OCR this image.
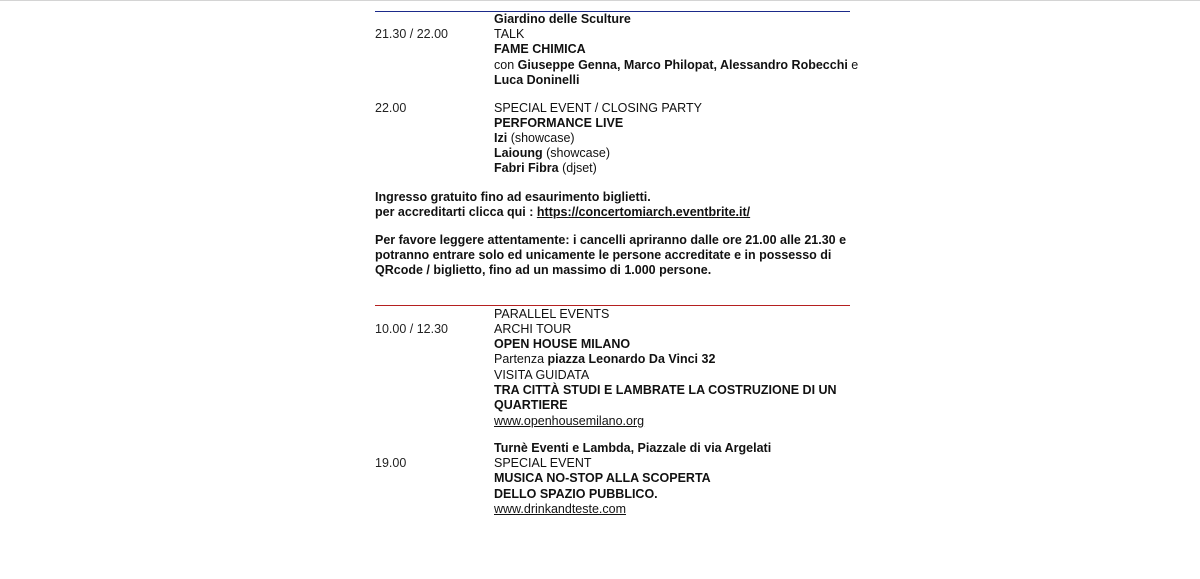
Giardino delle Sculture
21.30 / 22.00	TALK
FAME CHIMICA
con Giuseppe Genna, Marco Philopat, Alessandro Robecchi e
Luca Doninelli
22.00	SPECIAL EVENT / CLOSING PARTY
PERFORMANCE LIVE
Izi (showcase)
Laioung (showcase)
Fabri Fibra (djset)
Ingresso gratuito fino ad esaurimento biglietti.
per accreditarti clicca qui : https://concertomiarch.eventbrite.it/
Per favore leggere attentamente: i cancelli apriranno dalle ore 21.00 alle 21.30 e
potranno entrare solo ed unicamente le persone accreditate e in possesso di
QRcode / biglietto, fino ad un massimo di 1.000 persone.
PARALLEL EVENTS
10.00 / 12.30	ARCHI TOUR
OPEN HOUSE MILANO
Partenza piazza Leonardo Da Vinci 32
VISITA GUIDATA
TRA CITTÀ STUDI E LAMBRATE LA COSTRUZIONE DI UN
QUARTIERE
www.openhousemilano.org
Turnè Eventi e Lambda, Piazzale di via Argelati
19.00	SPECIAL EVENT
MUSICA NO-STOP ALLA SCOPERTA
DELLO SPAZIO PUBBLICO.
www.drinkandteste.com
